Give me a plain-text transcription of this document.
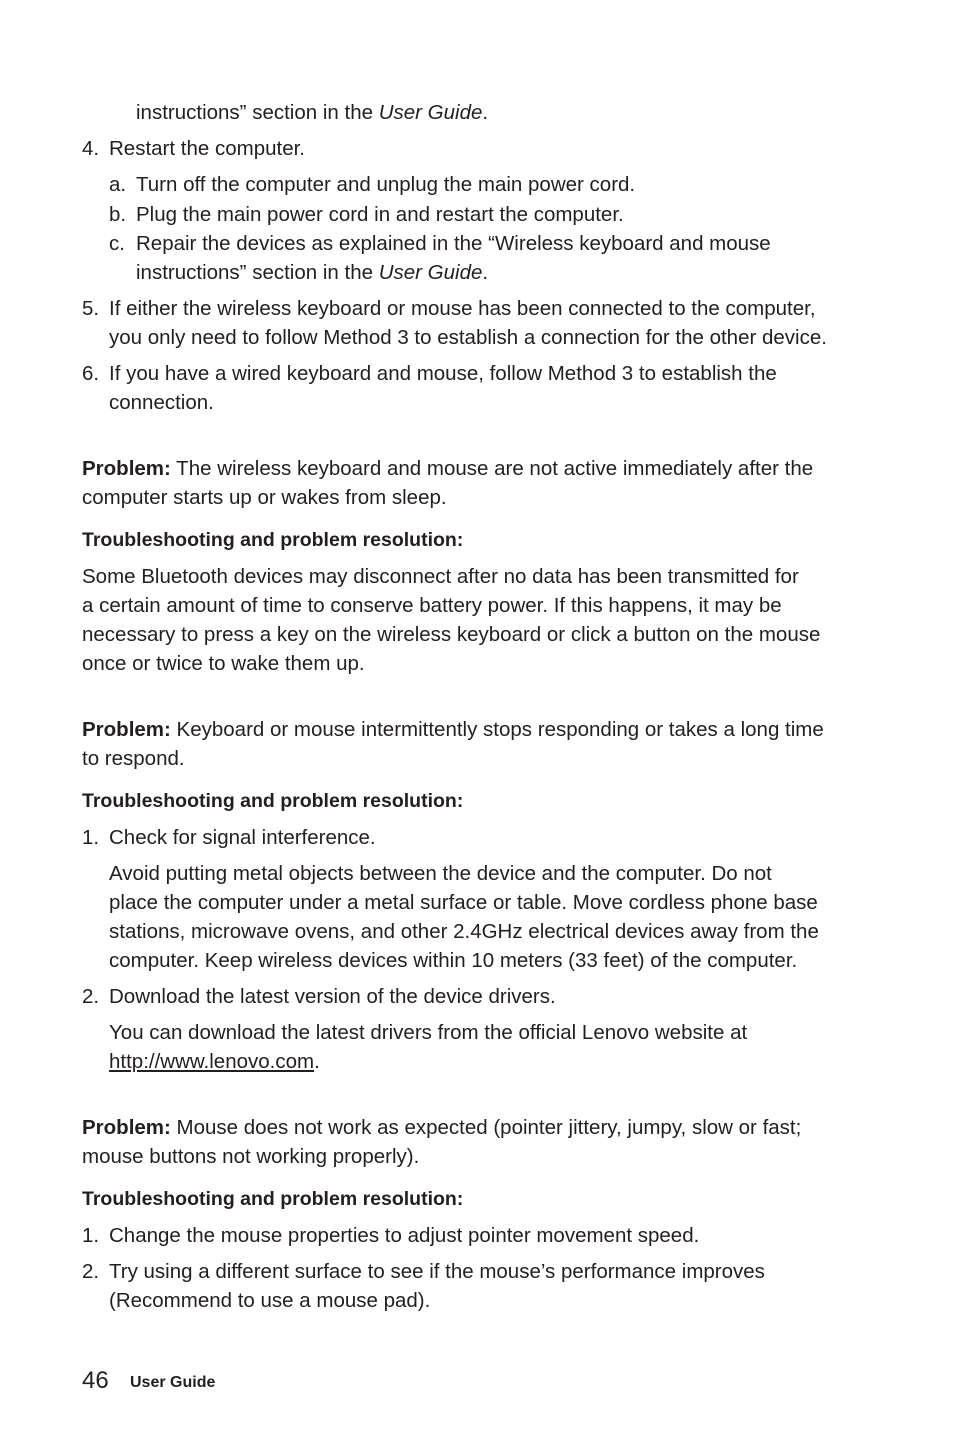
instructions” section in the User Guide.
4. Restart the computer.
a. Turn off the computer and unplug the main power cord.
b. Plug the main power cord in and restart the computer.
c. Repair the devices as explained in the “Wireless keyboard and mouse
instructions” section in the User Guide.
5. If either the wireless keyboard or mouse has been connected to the computer,
you only need to follow Method 3 to establish a connection for the other device.
6. If you have a wired keyboard and mouse, follow Method 3 to establish the
connection.
Problem: The wireless keyboard and mouse are not active immediately after the
computer starts up or wakes from sleep.
Troubleshooting and problem resolution:
Some Bluetooth devices may disconnect after no data has been transmitted for
a certain amount of time to conserve battery power. If this happens, it may be
necessary to press a key on the wireless keyboard or click a button on the mouse
once or twice to wake them up.
Problem: Keyboard or mouse intermittently stops responding or takes a long time
to respond.
Troubleshooting and problem resolution:
1. Check for signal interference.
Avoid putting metal objects between the device and the computer. Do not
place the computer under a metal surface or table. Move cordless phone base
stations, microwave ovens, and other 2.4GHz electrical devices away from the
computer. Keep wireless devices within 10 meters (33 feet) of the computer.
2. Download the latest version of the device drivers.
You can download the latest drivers from the official Lenovo website at
http://www.lenovo.com.
Problem: Mouse does not work as expected (pointer jittery, jumpy, slow or fast;
mouse buttons not working properly).
Troubleshooting and problem resolution:
1. Change the mouse properties to adjust pointer movement speed.
2. Try using a different surface to see if the mouse’s performance improves
(Recommend to use a mouse pad).
46 User Guide
